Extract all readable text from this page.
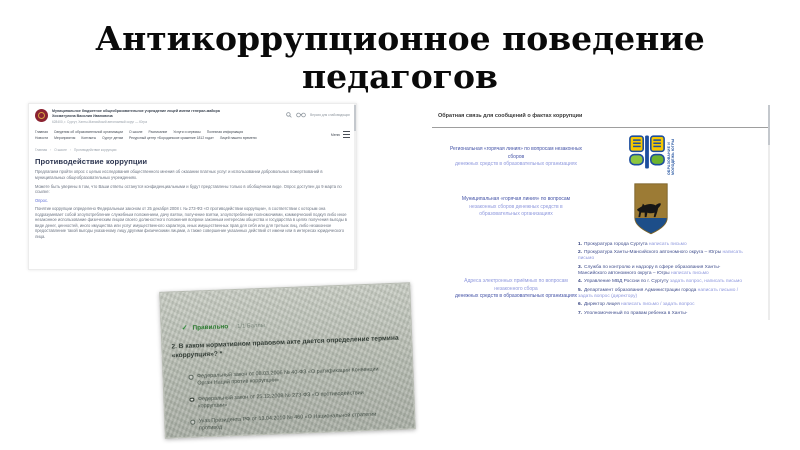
Антикоррупционное поведение педагогов
Муниципальное бюджетное общеобразовательное учреждение лицей имени генерал-майора Хисматулина Василия Ивановича
628400, г. Сургут, Ханты-Мансийский автономный округ — Югра
Версия для слабовидящих
Главная Сведения об образовательной организации О школе Расписание Услуги и сервисы Полезная информация
Новости Мероприятия Контакты Сургут детям Ресурсный центр «Бородинское сражение 1812 года» Лицей нашего времени
Меню
Главная › О школе › Противодействие коррупции
Противодействие коррупции
Предлагаем пройти опрос с целью исследования общественного мнения об оказании платных услуг и использовании добровольных пожертвований в муниципальных общеобразовательных учреждениях.
Можете быть уверены в том, что Ваши ответы останутся конфиденциальными и будут представлены только в обобщённом виде. Опрос доступен до 9 марта по ссылке:
Опрос.
Понятие коррупции определено Федеральным законом от 25 декабря 2008 г. № 273-ФЗ «О противодействии коррупции», в соответствии с которым она подразумевает собой злоупотребление служебным положением, дачу взятки, получение взятки, злоупотребление полномочиями, коммерческий подкуп либо иное незаконное использование физическим лицом своего должностного положения вопреки законным интересам общества и государства в целях получения выгоды в виде денег, ценностей, иного имущества или услуг имущественного характера, иных имущественных прав для себя или для третьих лиц, либо незаконное предоставление такой выгоды указанному лицу другими физическими лицами, а также совершение указанных действий от имени или в интересах юридического лица.
✓ Правильно 1/1 Баллы
2. В каком нормативном правовом акте дается определение термина «коррупция»? *
Федеральный закон от 08.03.2006 № 40-ФЗ «О ратификации Конвенции Орган Наций против коррупции»
Федеральный закон от 25.12.2008 № 273-ФЗ «О противодействии коррупции»
Указ Президента РФ от 13.04.2010 № 460 «О Национальной стратегии противод
Обратная связь для сообщений о фактах коррупции
Региональная «горячая линия» по вопросам незаконных
сборов
денежных средств в образовательных организациях
Муниципальная «горячая линия» по вопросам
незаконных сборов денежных средств в
образовательных организациях
Адреса электронных приёмных по вопросам
незаконного сбора
денежных средств в образовательных организациях
ОБРАЗОВАНИЕ И МОЛОДЕЖЬ ЮГРЫ
1. Прокуратура города Сургута написать письмо
2. Прокуратура Ханты-Мансийского автономного округа – Югры написать письмо
3. Служба по контролю и надзору в сфере образования Ханты-Мансийского автономного округа – Югры написать письмо
4. Управление МВД России по г. Сургуту задать вопрос, написать письмо
5. Департамент образования Администрации города написать письмо / задать вопрос (директору)
6. Директор лицея написать письмо / задать вопрос
7. Уполномоченный по правам ребенка в Ханты-
